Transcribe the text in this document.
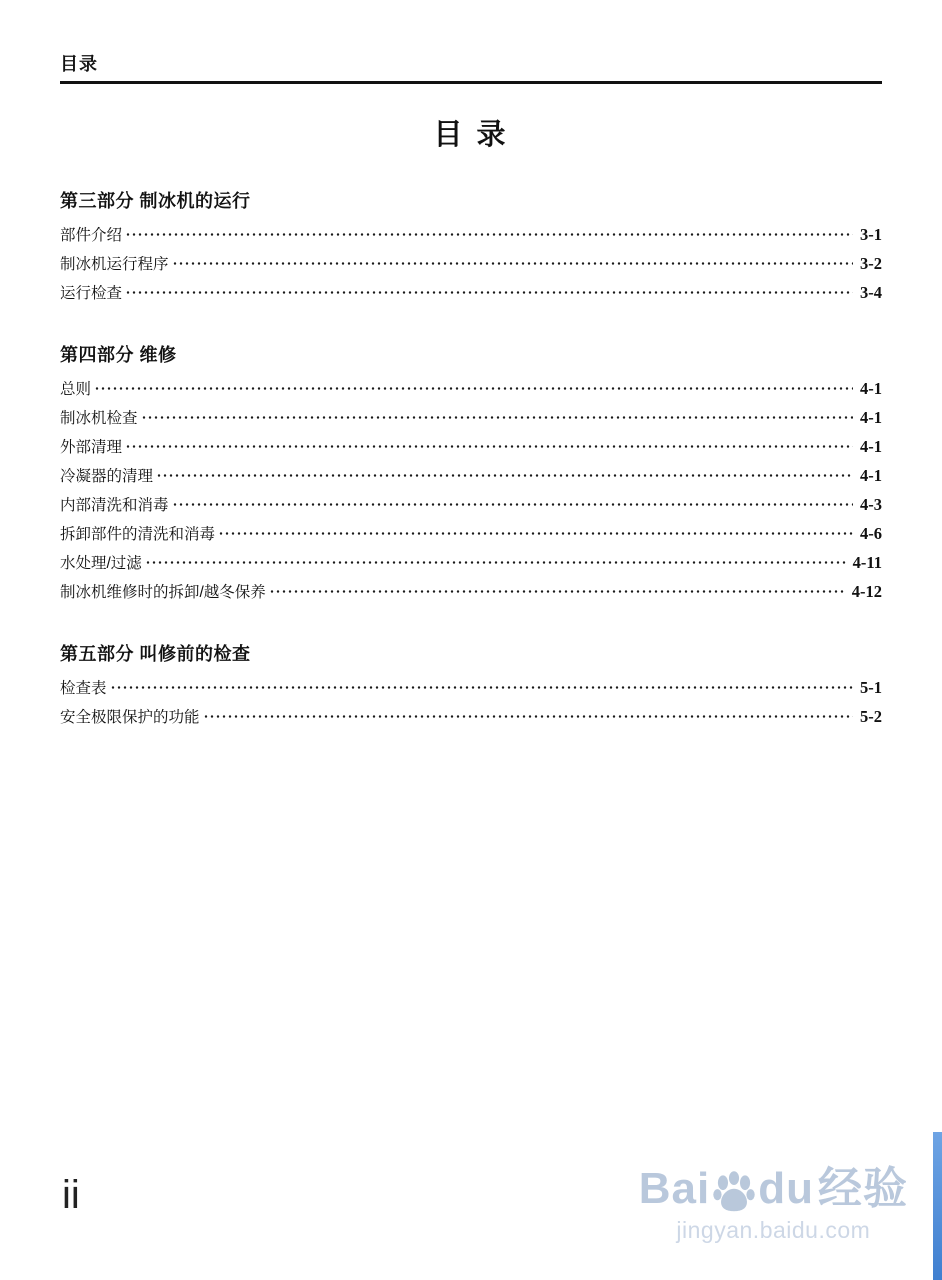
目录
目 录
第三部分 制冰机的运行
部件介绍	3-1
制冰机运行程序	3-2
运行检查	3-4
第四部分 维修
总则	4-1
制冰机检查	4-1
外部清理	4-1
冷凝器的清理	4-1
内部清洗和消毒	4-3
拆卸部件的清洗和消毒	4-6
水处理/过滤	4-11
制冰机维修时的拆卸/越冬保养	4-12
第五部分 叫修前的检查
检查表	5-1
安全极限保护的功能	5-2
ii	Bai du 经验
jingyan.baidu.com
